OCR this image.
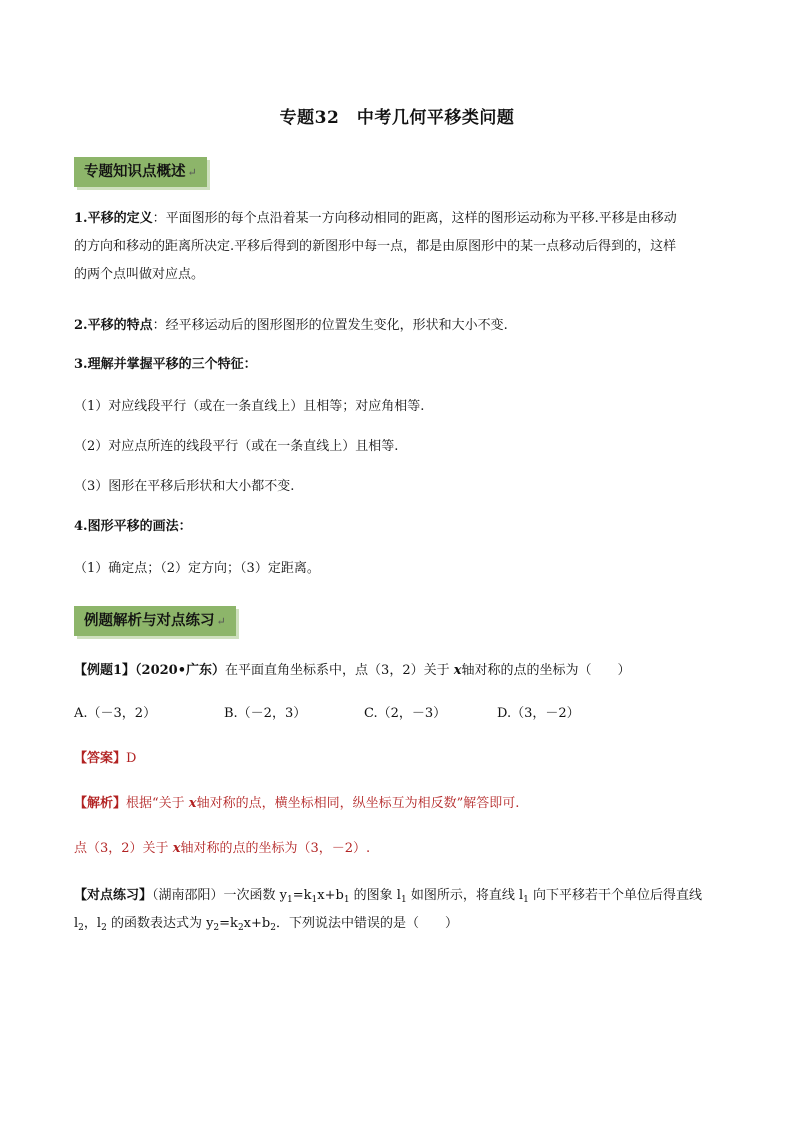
专题32　中考几何平移类问题
专题知识点概述 ↵
1.平移的定义：平面图形的每个点沿着某一方向移动相同的距离，这样的图形运动称为平移.平移是由移动
的方向和移动的距离所决定.平移后得到的新图形中每一点，都是由原图形中的某一点移动后得到的，这样
的两个点叫做对应点。
2.平移的特点：经平移运动后的图形图形的位置发生变化，形状和大小不变.
3.理解并掌握平移的三个特征：
（1）对应线段平行（或在一条直线上）且相等；对应角相等.
（2）对应点所连的线段平行（或在一条直线上）且相等.
（3）图形在平移后形状和大小都不变.
4.图形平移的画法：
（1）确定点；（2）定方向；（3）定距离。
例题解析与对点练习 ↵
【例题1】（2020•广东）在平面直角坐标系中，点（3，2）关于 x轴对称的点的坐标为（　　）
A.（－3，2）	B.（－2，3）	C.（2，－3）	D.（3，－2）
【答案】D
【解析】根据“关于 x轴对称的点，横坐标相同，纵坐标互为相反数”解答即可.
点（3，2）关于 x轴对称的点的坐标为（3，－2）.
【对点练习】（湖南邵阳）一次函数 $y_1=k_1x+b_1$ 的图象 $l_1$ 如图所示，将直线 $l_1$ 向下平移若干个单位后得直线
$l_2$，$l_2$ 的函数表达式为 $y_2=k_2x+b_2$．下列说法中错误的是（　　）
